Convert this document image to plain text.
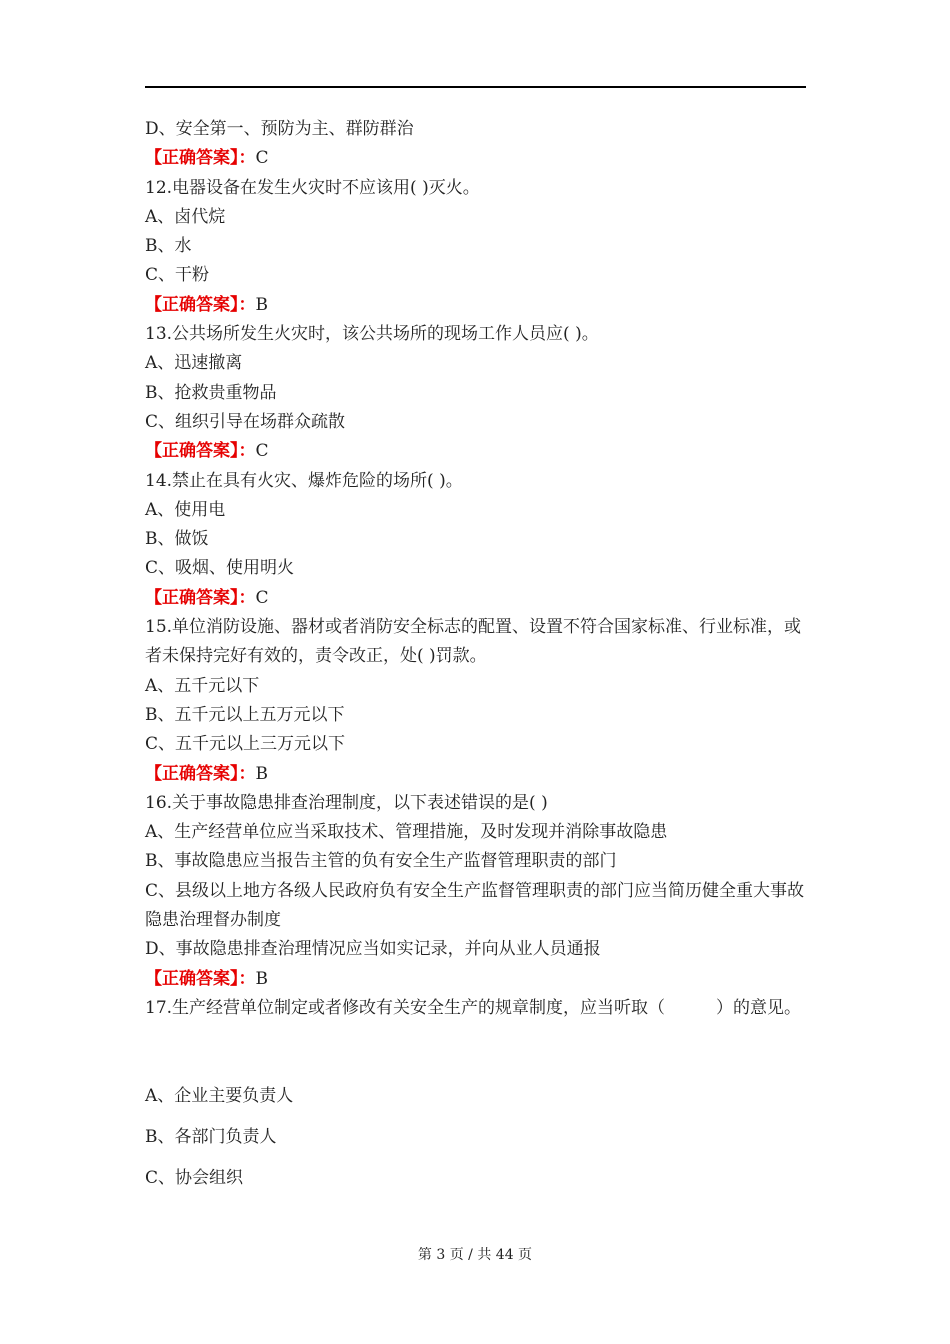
D、安全第一、预防为主、群防群治

【正确答案】：C

12.电器设备在发生火灾时不应该用( )灭火。

A、卤代烷

B、水

C、干粉

【正确答案】：B

13.公共场所发生火灾时，该公共场所的现场工作人员应( )。

A、迅速撤离

B、抢救贵重物品

C、组织引导在场群众疏散

【正确答案】：C

14.禁止在具有火灾、爆炸危险的场所( )。

A、使用电

B、做饭

C、吸烟、使用明火

【正确答案】：C

15.单位消防设施、器材或者消防安全标志的配置、设置不符合国家标准、行业标准，或者未保持完好有效的，责令改正，处( )罚款。

A、五千元以下

B、五千元以上五万元以下

C、五千元以上三万元以下

【正确答案】：B

16.关于事故隐患排查治理制度，以下表述错误的是( )

A、生产经营单位应当采取技术、管理措施，及时发现并消除事故隐患

B、事故隐患应当报告主管的负有安全生产监督管理职责的部门

C、县级以上地方各级人民政府负有安全生产监督管理职责的部门应当简历健全重大事故隐患治理督办制度

D、事故隐患排查治理情况应当如实记录，并向从业人员通报

【正确答案】：B

17.生产经营单位制定或者修改有关安全生产的规章制度，应当听取（　　　）的意见。

A、企业主要负责人

B、各部门负责人

C、协会组织

第 3 页 / 共 44 页
